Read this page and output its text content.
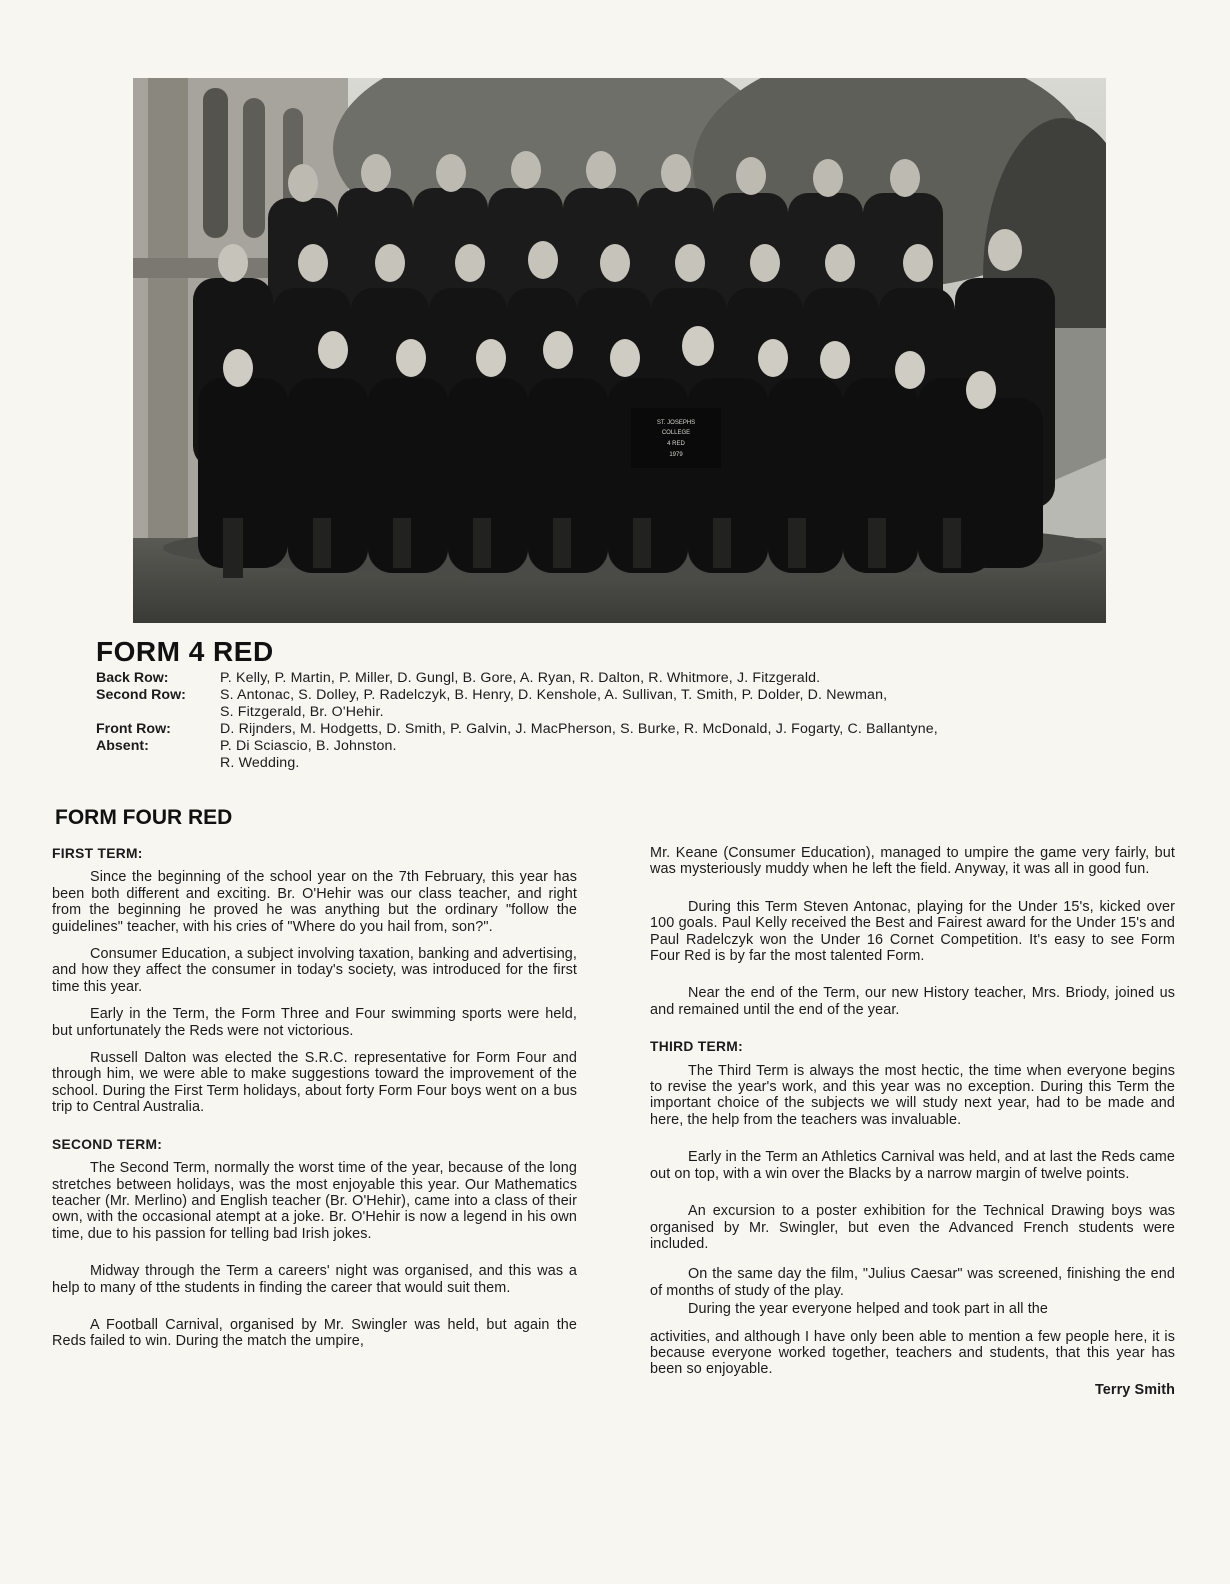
ST. JOSEPHS
COLLEGE
4 RED
1979
FORM 4 RED
Back Row:	P. Kelly, P. Martin, P. Miller, D. Gungl, B. Gore, A. Ryan, R. Dalton, R. Whitmore, J. Fitzgerald.
Second Row:	S. Antonac, S. Dolley, P. Radelczyk, B. Henry, D. Kenshole, A. Sullivan, T. Smith, P. Dolder, D. Newman,
S. Fitzgerald, Br. O'Hehir.
Front Row:	D. Rijnders, M. Hodgetts, D. Smith, P. Galvin, J. MacPherson, S. Burke, R. McDonald, J. Fogarty, C. Ballantyne,
Absent:	P. Di Sciascio, B. Johnston.
R. Wedding.
FORM FOUR RED
FIRST TERM:

Since the beginning of the school year on the 7th February, this year has been both different and exciting. Br. O'Hehir was our class teacher, and right from the beginning he proved he was anything but the ordinary "follow the guidelines" teacher, with his cries of "Where do you hail from, son?".

Consumer Education, a subject involving taxation, banking and advertising, and how they affect the consumer in today's society, was introduced for the first time this year.

Early in the Term, the Form Three and Four swimming sports were held, but unfortunately the Reds were not victorious.

Russell Dalton was elected the S.R.C. representative for Form Four and through him, we were able to make suggestions toward the improvement of the school. During the First Term holidays, about forty Form Four boys went on a bus trip to Central Australia.

SECOND TERM:

The Second Term, normally the worst time of the year, because of the long stretches between holidays, was the most enjoyable this year. Our Mathematics teacher (Mr. Merlino) and English teacher (Br. O'Hehir), came into a class of their own, with the occasional atempt at a joke. Br. O'Hehir is now a legend in his own time, due to his passion for telling bad Irish jokes.

Midway through the Term a careers' night was organised, and this was a help to many of tthe students in finding the career that would suit them.

A Football Carnival, organised by Mr. Swingler was held, but again the Reds failed to win. During the match the umpire,

Mr. Keane (Consumer Education), managed to umpire the game very fairly, but was mysteriously muddy when he left the field. Anyway, it was all in good fun.

During this Term Steven Antonac, playing for the Under 15's, kicked over 100 goals. Paul Kelly received the Best and Fairest award for the Under 15's and Paul Radelczyk won the Under 16 Cornet Competition. It's easy to see Form Four Red is by far the most talented Form.

Near the end of the Term, our new History teacher, Mrs. Briody, joined us and remained until the end of the year.

THIRD TERM:

The Third Term is always the most hectic, the time when everyone begins to revise the year's work, and this year was no exception. During this Term the important choice of the subjects we will study next year, had to be made and here, the help from the teachers was invaluable.

Early in the Term an Athletics Carnival was held, and at last the Reds came out on top, with a win over the Blacks by a narrow margin of twelve points.

An excursion to a poster exhibition for the Technical Drawing boys was organised by Mr. Swingler, but even the Advanced French students were included.

On the same day the film, "Julius Caesar" was screened, finishing the end of months of study of the play.

During the year everyone helped and took part in all the

activities, and although I have only been able to mention a few people here, it is because everyone worked together, teachers and students, that this year has been so enjoyable.

Terry Smith
